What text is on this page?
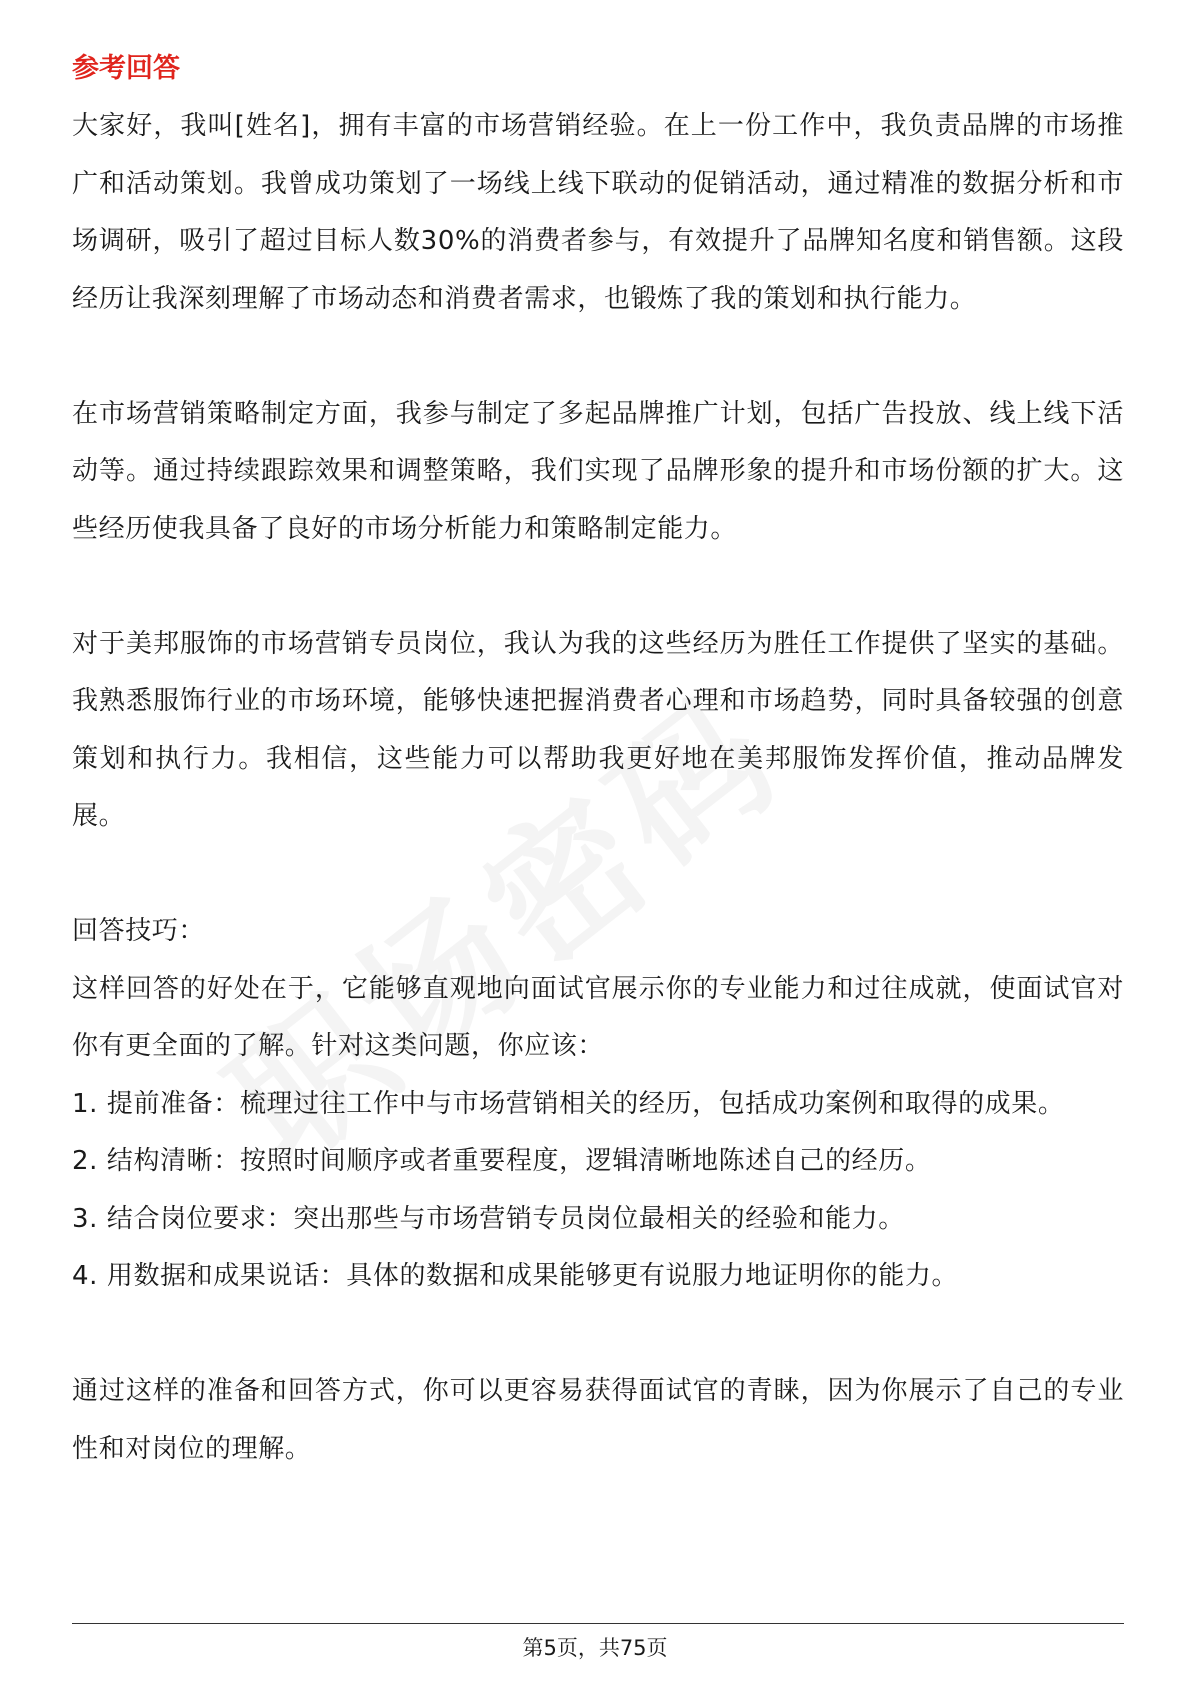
参考回答

大家好，我叫[姓名]，拥有丰富的市场营销经验。在上一份工作中，我负责品牌的市场推广和活动策划。我曾成功策划了一场线上线下联动的促销活动，通过精准的数据分析和市场调研，吸引了超过目标人数30%的消费者参与，有效提升了品牌知名度和销售额。这段经历让我深刻理解了市场动态和消费者需求，也锻炼了我的策划和执行能力。

在市场营销策略制定方面，我参与制定了多起品牌推广计划，包括广告投放、线上线下活动等。通过持续跟踪效果和调整策略，我们实现了品牌形象的提升和市场份额的扩大。这些经历使我具备了良好的市场分析能力和策略制定能力。

对于美邦服饰的市场营销专员岗位，我认为我的这些经历为胜任工作提供了坚实的基础。我熟悉服饰行业的市场环境，能够快速把握消费者心理和市场趋势，同时具备较强的创意策划和执行力。我相信，这些能力可以帮助我更好地在美邦服饰发挥价值，推动品牌发展。

回答技巧：

这样回答的好处在于，它能够直观地向面试官展示你的专业能力和过往成就，使面试官对你有更全面的了解。针对这类问题，你应该：

1. 提前准备：梳理过往工作中与市场营销相关的经历，包括成功案例和取得的成果。

2. 结构清晰：按照时间顺序或者重要程度，逻辑清晰地陈述自己的经历。

3. 结合岗位要求：突出那些与市场营销专员岗位最相关的经验和能力。

4. 用数据和成果说话：具体的数据和成果能够更有说服力地证明你的能力。

通过这样的准备和回答方式，你可以更容易获得面试官的青睐，因为你展示了自己的专业性和对岗位的理解。

第5页，共75页
